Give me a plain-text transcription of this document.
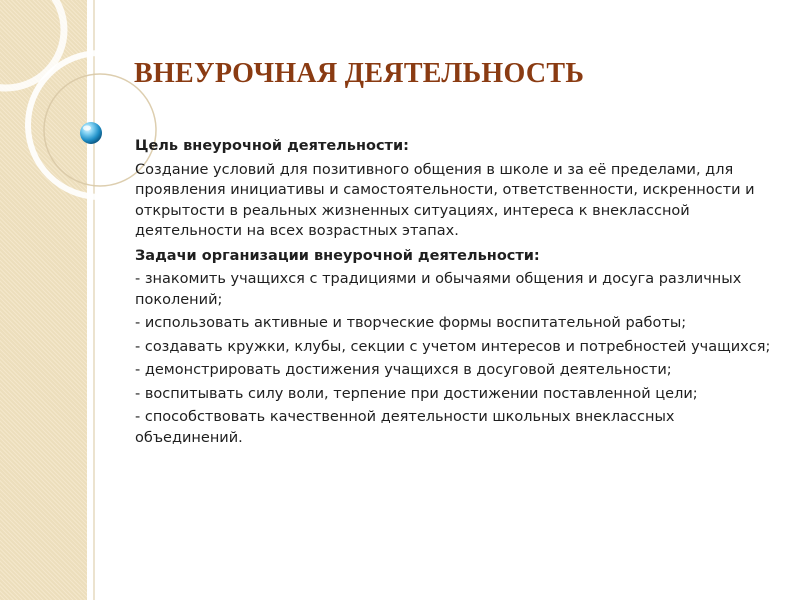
ВНЕУРОЧНАЯ ДЕЯТЕЛЬНОСТЬ

Цель внеурочной деятельности:

Создание условий для позитивного общения в школе и за её пределами, для проявления инициативы и самостоятельности, ответственности, искренности и открытости в реальных жизненных ситуациях, интереса к внеклассной деятельности на всех возрастных этапах.

Задачи организации внеурочной деятельности:

- знакомить учащихся с традициями и обычаями общения и досуга различных поколений;
- использовать активные и творческие формы воспитательной работы;
- создавать кружки, клубы, секции с учетом интересов и потребностей учащихся;
- демонстрировать достижения учащихся в досуговой деятельности;
- воспитывать силу воли, терпение при достижении поставленной цели;
- способствовать качественной деятельности школьных внеклассных объединений.
